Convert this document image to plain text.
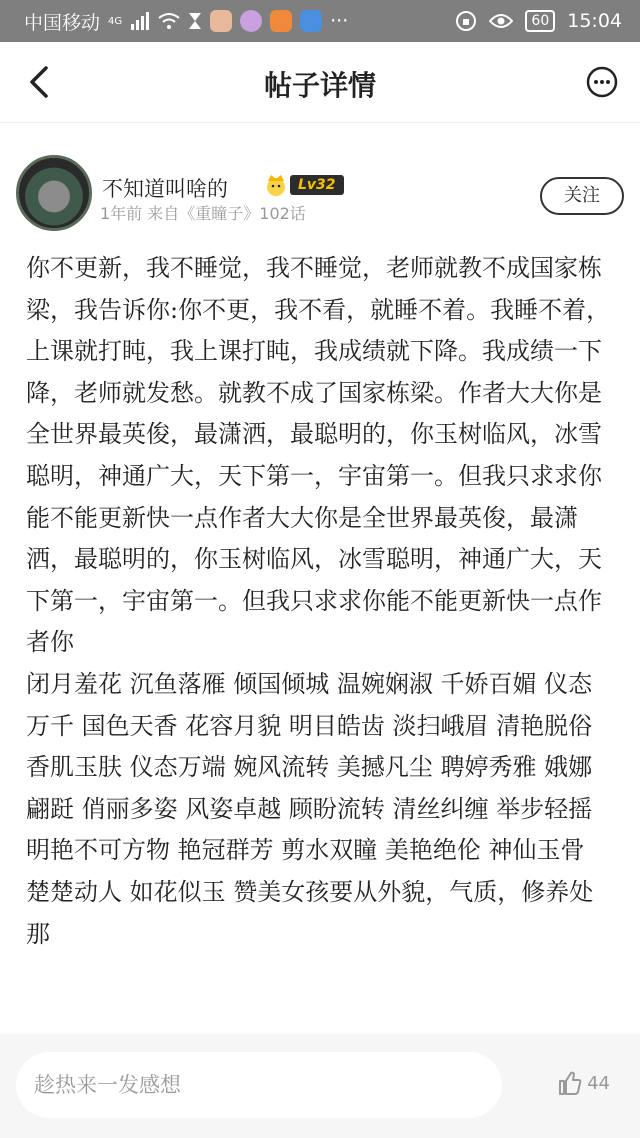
中国移动 4G	···	60 15:04
帖子详情
不知道叫啥的	Lv32
1年前 来自《重瞳子》102话
关注

你不更新，我不睡觉，我不睡觉，老师就教不成国家栋梁，我告诉你:你不更，我不看，就睡不着。我睡不着，上课就打盹，我上课打盹，我成绩就下降。我成绩一下降，老师就发愁。就教不成了国家栋梁。作者大大你是全世界最英俊，最潇洒，最聪明的，你玉树临风，冰雪聪明，神通广大，天下第一，宇宙第一。但我只求求你能不能更新快一点作者大大你是全世界最英俊，最潇洒，最聪明的，你玉树临风，冰雪聪明，神通广大，天下第一，宇宙第一。但我只求求你能不能更新快一点作者你

闭月羞花 沉鱼落雁 倾国倾城 温婉娴淑 千娇百媚 仪态万千 国色天香 花容月貌 明目皓齿 淡扫峨眉 清艳脱俗 香肌玉肤 仪态万端 婉风流转 美撼凡尘 聘婷秀雅 娥娜翩跹 俏丽多姿 风姿卓越 顾盼流转 清丝纠缠 举步轻摇 明艳不可方物 艳冠群芳 剪水双瞳 美艳绝伦 神仙玉骨 楚楚动人 如花似玉 赞美女孩要从外貌，气质，修养处那

趁热来一发感想
44
